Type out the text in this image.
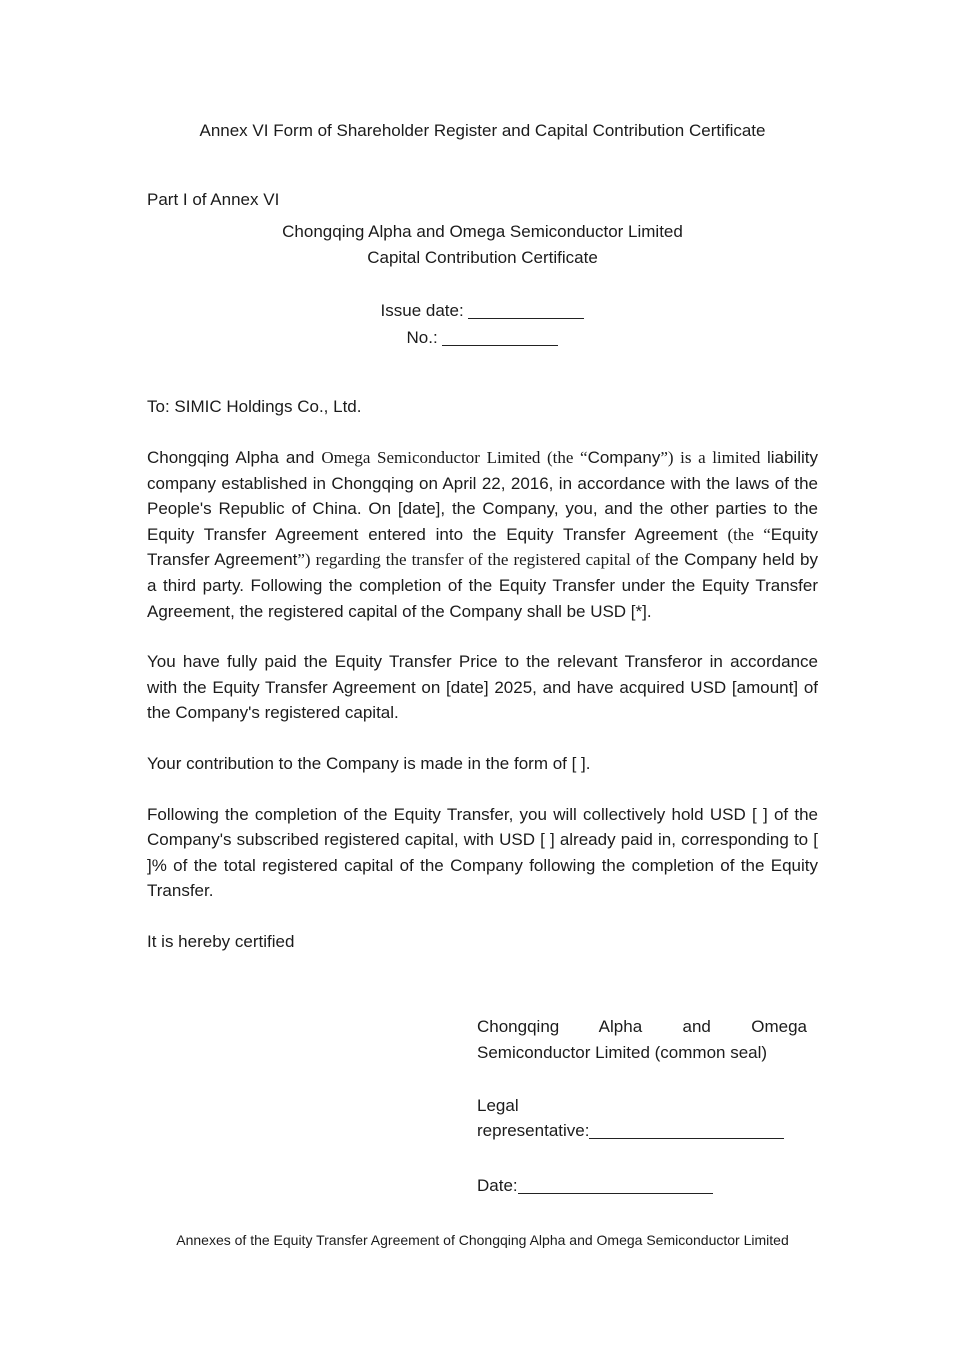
Annex VI Form of Shareholder Register and Capital Contribution Certificate
Part I of Annex VI
Chongqing Alpha and Omega Semiconductor Limited
Capital Contribution Certificate
Issue date:
No.:
To: SIMIC Holdings Co., Ltd.
Chongqing Alpha and Omega Semiconductor Limited (the “Company”) is a limited liability company established in Chongqing on April 22, 2016, in accordance with the laws of the People's Republic of China. On [date], the Company, you, and the other parties to the Equity Transfer Agreement entered into the Equity Transfer Agreement (the “Equity Transfer Agreement”) regarding the transfer of the registered capital of the Company held by a third party. Following the completion of the Equity Transfer under the Equity Transfer Agreement, the registered capital of the Company shall be USD [*].
You have fully paid the Equity Transfer Price to the relevant Transferor in accordance with the Equity Transfer Agreement on [date] 2025, and have acquired USD [amount] of the Company's registered capital.
Your contribution to the Company is made in the form of [ ].
Following the completion of the Equity Transfer, you will collectively hold USD [ ] of the Company's subscribed registered capital, with USD [ ] already paid in, corresponding to [ ]% of the total registered capital of the Company following the completion of the Equity Transfer.
It is hereby certified
Chongqing Alpha and Omega Semiconductor Limited (common seal)
Legal representative:
Date:
Annexes of the Equity Transfer Agreement of Chongqing Alpha and Omega Semiconductor Limited
